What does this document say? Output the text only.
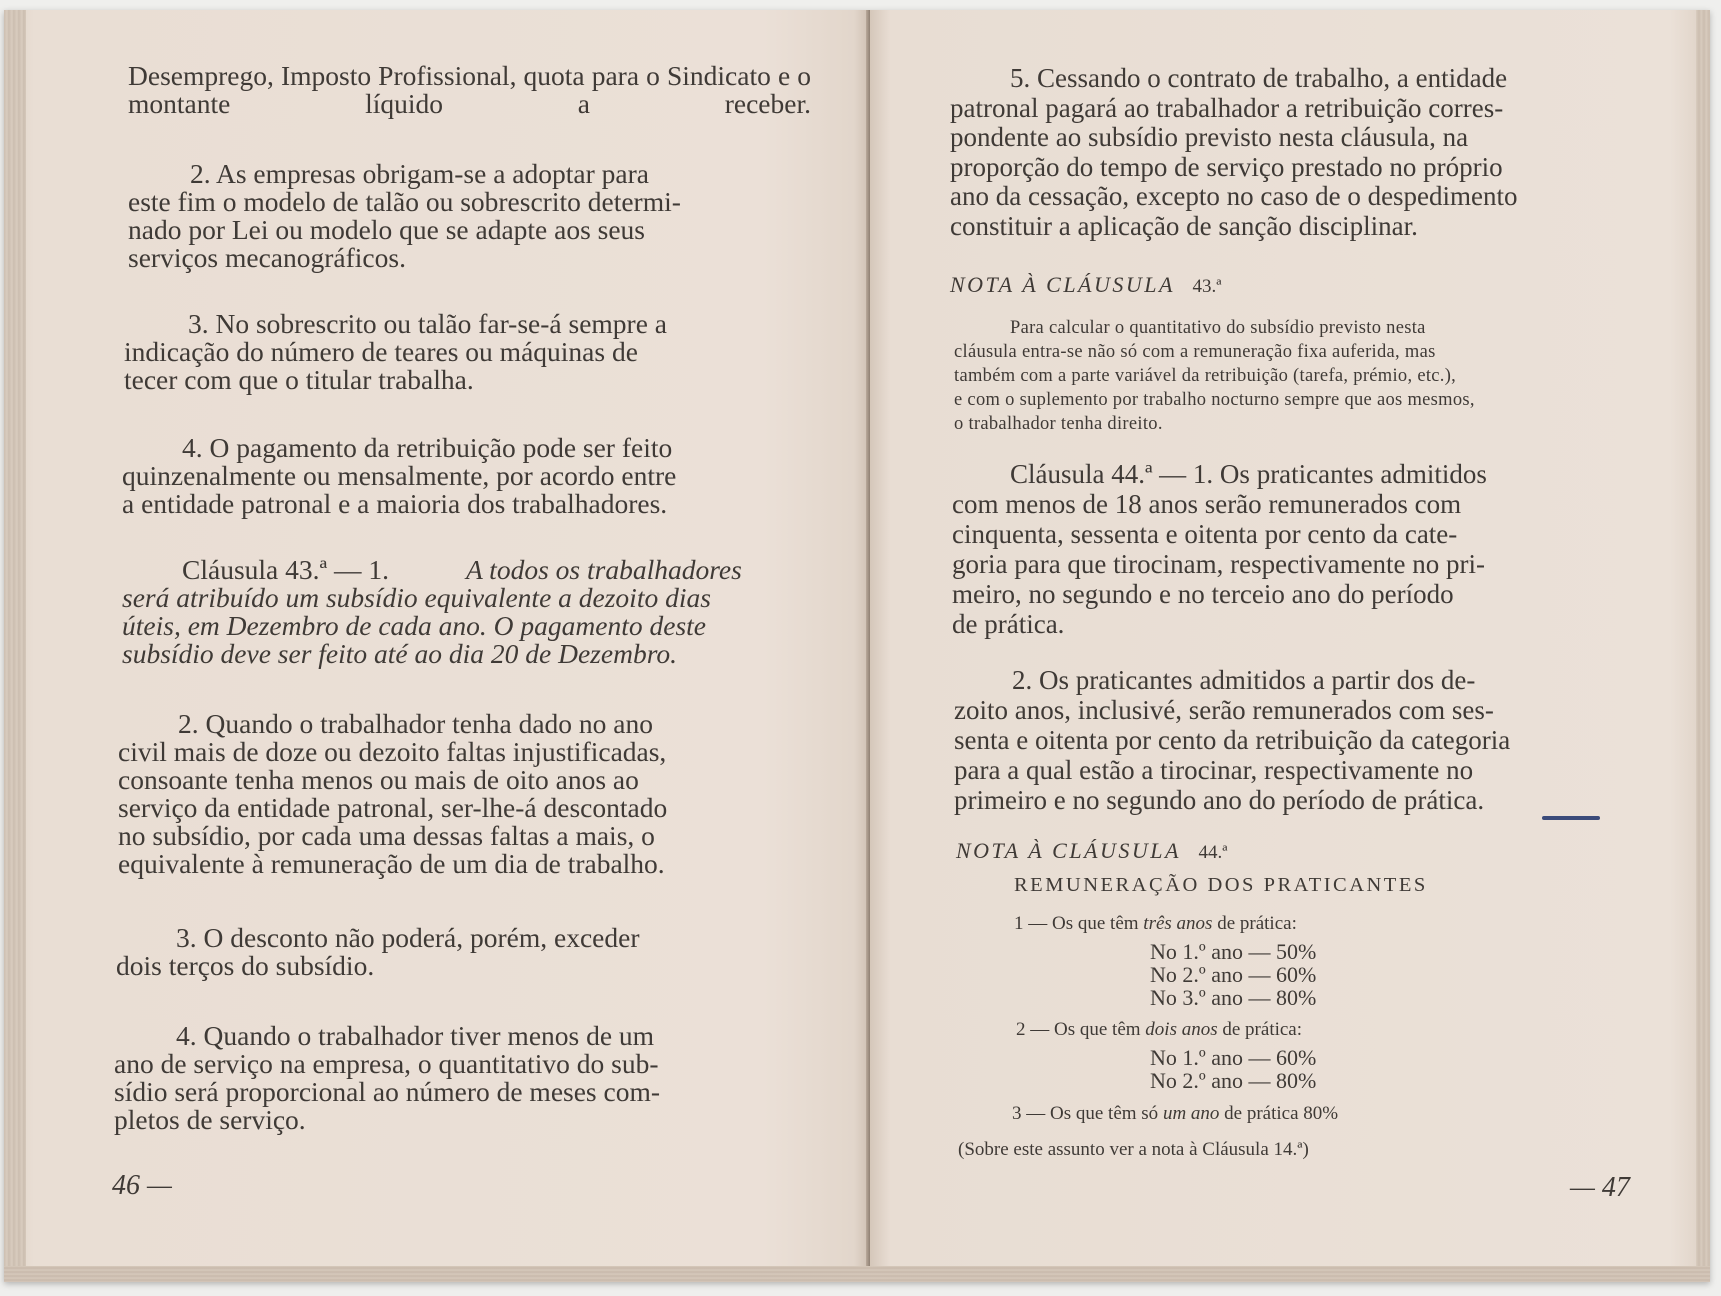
Desemprego, Imposto Profissional, quota para o Sindicato e o montante líquido a receber.

2. As empresas obrigam-se a adoptar para
este fim o modelo de talão ou sobrescrito determi-
nado por Lei ou modelo que se adapte aos seus
serviços mecanográficos.
3. No sobrescrito ou talão far-se-á sempre a
indicação do número de teares ou máquinas de
tecer com que o titular trabalha.
4. O pagamento da retribuição pode ser feito
quinzenalmente ou mensalmente, por acordo entre
a entidade patronal e a maioria dos trabalhadores.
Cláusula 43.ª — 1.	A todos os trabalhadores
será atribuído um subsídio equivalente a dezoito dias
úteis, em Dezembro de cada ano. O pagamento deste
subsídio deve ser feito até ao dia 20 de Dezembro.
2. Quando o trabalhador tenha dado no ano
civil mais de doze ou dezoito faltas injustificadas,
consoante tenha menos ou mais de oito anos ao
serviço da entidade patronal, ser-lhe-á descontado
no subsídio, por cada uma dessas faltas a mais, o
equivalente à remuneração de um dia de trabalho.
3. O desconto não poderá, porém, exceder
dois terços do subsídio.
4. Quando o trabalhador tiver menos de um
ano de serviço na empresa, o quantitativo do sub-
sídio será proporcional ao número de meses com-
pletos de serviço.
46 —
5. Cessando o contrato de trabalho, a entidade
patronal pagará ao trabalhador a retribuição corres-
pondente ao subsídio previsto nesta cláusula, na
proporção do tempo de serviço prestado no próprio
ano da cessação, excepto no caso de o despedimento
constituir a aplicação de sanção disciplinar.
NOTA À CLÁUSULA 43.ª
Para calcular o quantitativo do subsídio previsto nesta
cláusula entra-se não só com a remuneração fixa auferida, mas
também com a parte variável da retribuição (tarefa, prémio, etc.),
e com o suplemento por trabalho nocturno sempre que aos mesmos,
o trabalhador tenha direito.
Cláusula 44.ª — 1. Os praticantes admitidos
com menos de 18 anos serão remunerados com
cinquenta, sessenta e oitenta por cento da cate-
goria para que tirocinam, respectivamente no pri-
meiro, no segundo e no terceio ano do período
de prática.
2. Os praticantes admitidos a partir dos de-
zoito anos, inclusivé, serão remunerados com ses-
senta e oitenta por cento da retribuição da categoria
para a qual estão a tirocinar, respectivamente no
primeiro e no segundo ano do período de prática.
NOTA À CLÁUSULA 44.ª
REMUNERAÇÃO DOS PRATICANTES
1 — Os que têm três anos de prática:
No 1.º ano — 50%
No 2.º ano — 60%
No 3.º ano — 80%
2 — Os que têm dois anos de prática:
No 1.º ano — 60%
No 2.º ano — 80%
3 — Os que têm só um ano de prática 80%
(Sobre este assunto ver a nota à Cláusula 14.ª)
— 47
